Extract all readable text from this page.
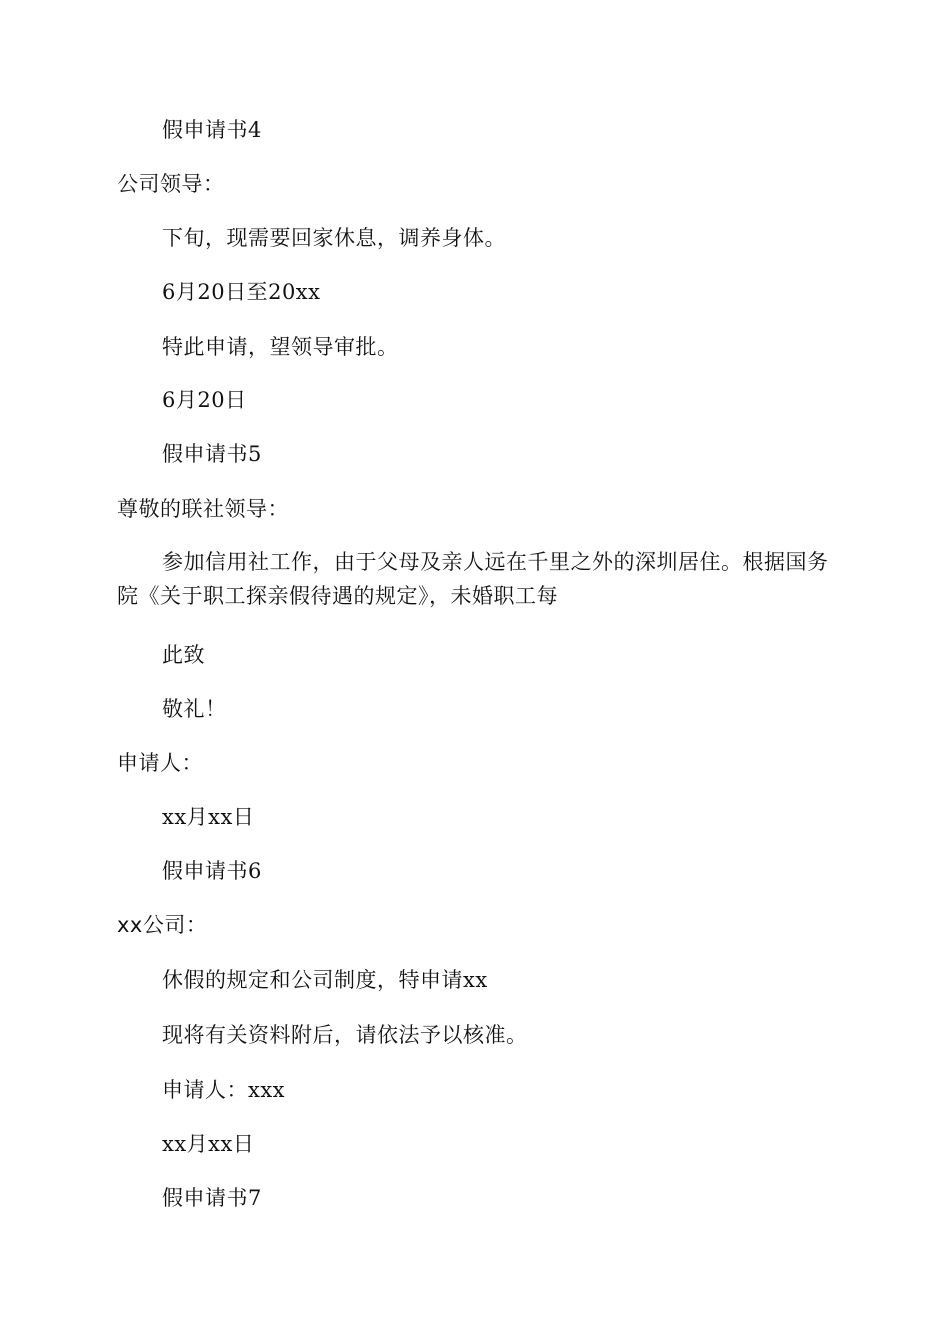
假申请书4
公司领导：
下旬，现需要回家休息，调养身体。
6月20日至20xx
特此申请，望领导审批。
6月20日
假申请书5
尊敬的联社领导：
参加信用社工作，由于父母及亲人远在千里之外的深圳居住。根据国务院《关于职工探亲假待遇的规定》，未婚职工每
此致
敬礼！
申请人：
xx月xx日
假申请书6
xx公司：
休假的规定和公司制度，特申请xx
现将有关资料附后，请依法予以核准。
申请人：xxx
xx月xx日
假申请书7
